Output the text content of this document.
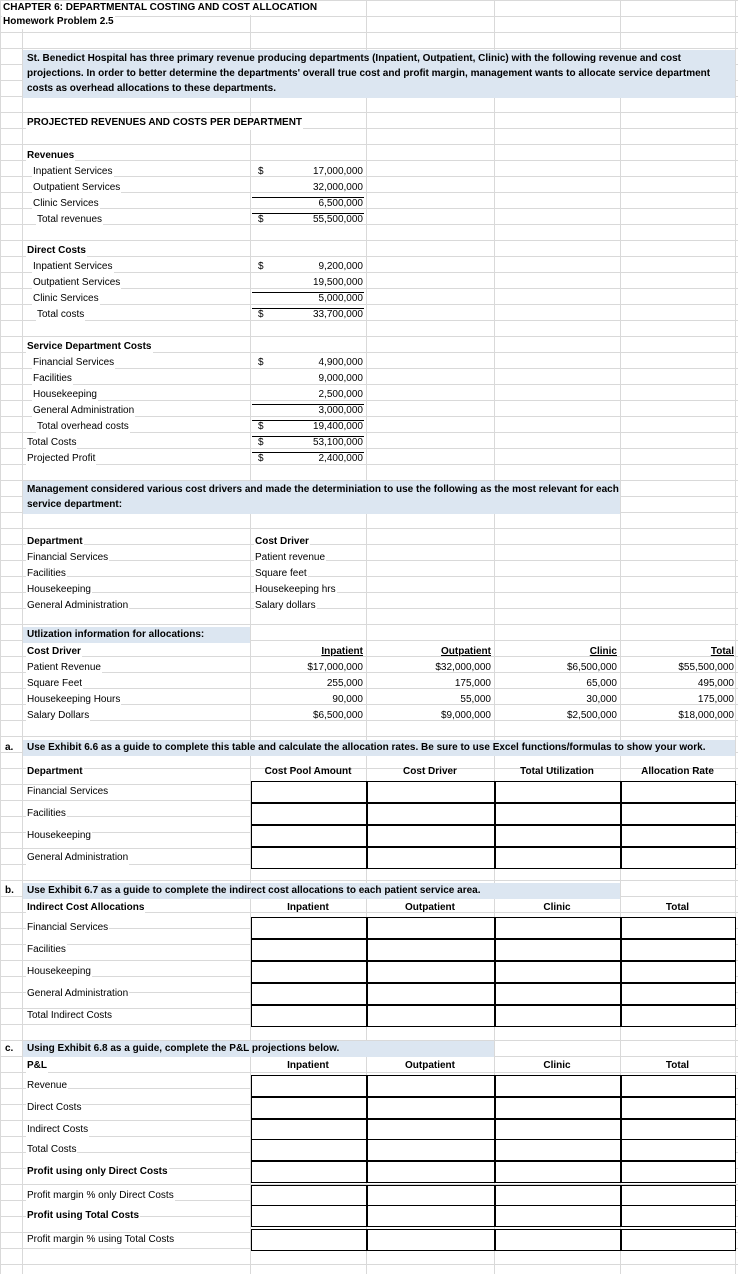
CHAPTER 6: DEPARTMENTAL COSTING AND COST ALLOCATION
Homework Problem 2.5
St. Benedict Hospital has three primary revenue producing departments (Inpatient, Outpatient, Clinic) with the following revenue and cost
projections. In order to better determine the departments' overall true cost and profit margin, management wants to allocate service department
costs as overhead allocations to these departments.
PROJECTED REVENUES AND COSTS PER DEPARTMENT
Revenues
Inpatient Services	$	17,000,000
Outpatient Services	32,000,000
Clinic Services	6,500,000
Total revenues	$	55,500,000
Direct Costs
Inpatient Services	$	9,200,000
Outpatient Services	19,500,000
Clinic Services	5,000,000
Total costs	$	33,700,000
Service Department Costs
Financial Services	$	4,900,000
Facilities	9,000,000
Housekeeping	2,500,000
General Administration	3,000,000
Total overhead costs	$	19,400,000
Total Costs	$	53,100,000
Projected Profit	$	2,400,000
Management considered various cost drivers and made the determiniation to use the following as the most relevant for each
service department:
Department	Cost Driver
Financial Services	Patient revenue
Facilities	Square feet
Housekeeping	Housekeeping hrs
General Administration	Salary dollars
Utlization information for allocations:
Cost Driver	Inpatient	Outpatient	Clinic	Total
Patient Revenue	$17,000,000	$32,000,000	$6,500,000	$55,500,000
Square Feet	255,000	175,000	65,000	495,000
Housekeeping Hours	90,000	55,000	30,000	175,000
Salary Dollars	$6,500,000	$9,000,000	$2,500,000	$18,000,000
a. Use Exhibit 6.6 as a guide to complete this table and calculate the allocation rates. Be sure to use Excel functions/formulas to show your work.
Department	Cost Pool Amount	Cost Driver	Total Utilization	Allocation Rate
Financial Services
Facilities
Housekeeping
General Administration
b. Use Exhibit 6.7 as a guide to complete the indirect cost allocations to each patient service area.
Indirect Cost Allocations	Inpatient	Outpatient	Clinic	Total
Financial Services
Facilities
Housekeeping
General Administration
Total Indirect Costs
c. Using Exhibit 6.8 as a guide, complete the P&L projections below.
P&L	Inpatient	Outpatient	Clinic	Total
Revenue
Direct Costs
Indirect Costs
Total Costs
Profit using only Direct Costs
Profit margin % only Direct Costs
Profit using Total Costs
Profit margin % using Total Costs
